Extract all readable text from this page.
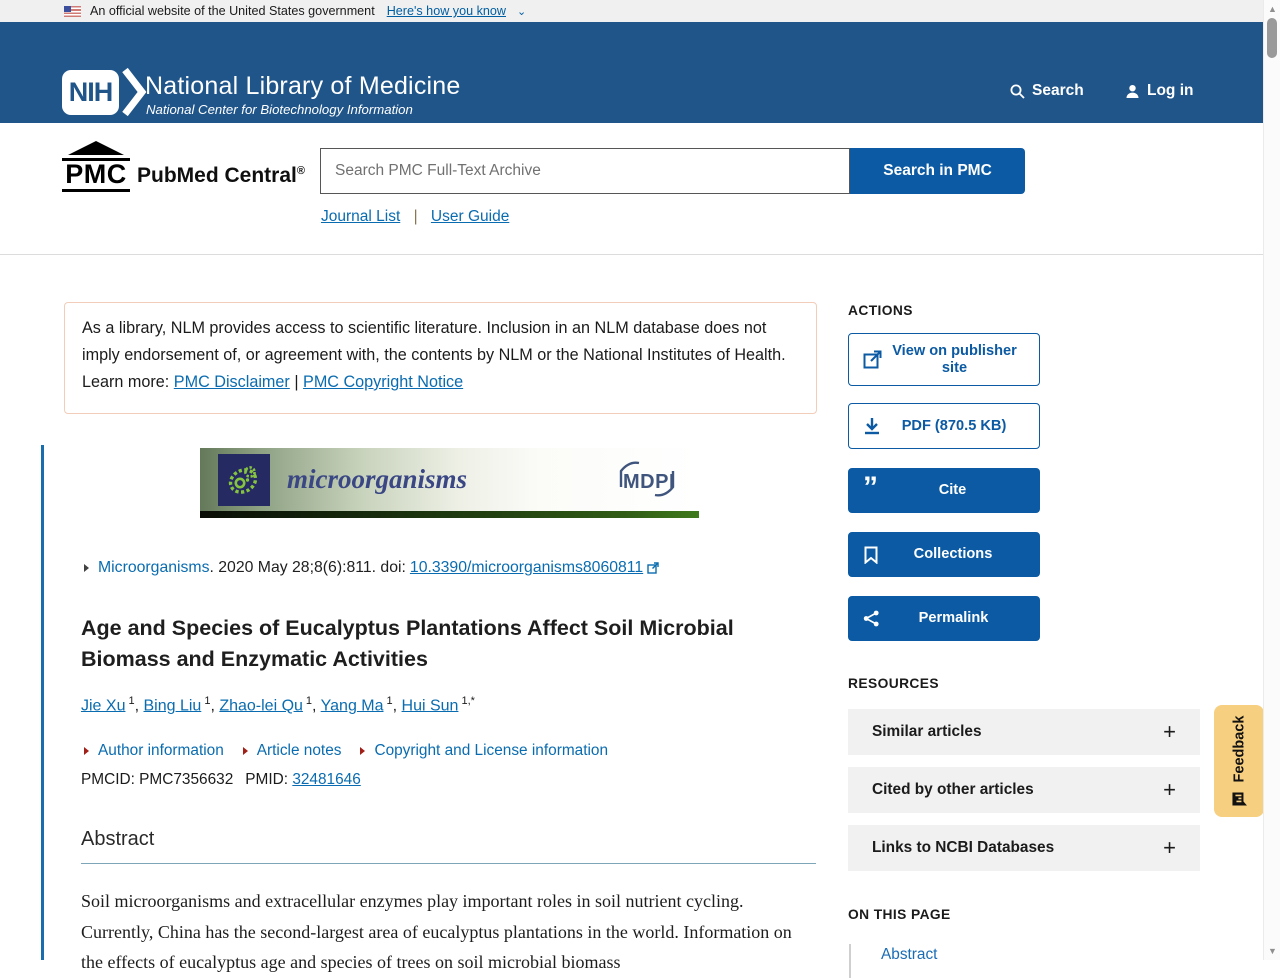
An official website of the United States government Here's how you know ⌄
NIH National Library of Medicine
National Center for Biotechnology Information
Search	Log in
PMC PubMed Central®
Search PMC Full-Text Archive	Search in PMC
Journal List | User Guide
As a library, NLM provides access to scientific literature. Inclusion in an NLM database does not imply endorsement of, or agreement with, the contents by NLM or the National Institutes of Health. Learn more: PMC Disclaimer | PMC Copyright Notice
microorganisms	MDPI
Microorganisms . 2020 May 28;8(6):811. doi: 10.3390/microorganisms8060811
Age and Species of Eucalyptus Plantations Affect Soil Microbial Biomass and Enzymatic Activities
Jie Xu $^1$, Bing Liu $^1$, Zhao-lei Qu $^1$, Yang Ma $^1$, Hui Sun $^{1,*}$
Author information Article notes Copyright and License information
PMCID: PMC7356632 PMID: 32481646
Abstract

Soil microorganisms and extracellular enzymes play important roles in soil nutrient cycling. Currently, China has the second-largest area of eucalyptus plantations in the world. Information on the effects of eucalyptus age and species of trees on soil microbial biomass

ACTIONS
View on publisher site
PDF (870.5 KB)
”	Cite
Collections
Permalink
RESOURCES
Similar articles	+
Cited by other articles	+
Links to NCBI Databases	+
ON THIS PAGE
Abstract
Feedback
▲
▼
